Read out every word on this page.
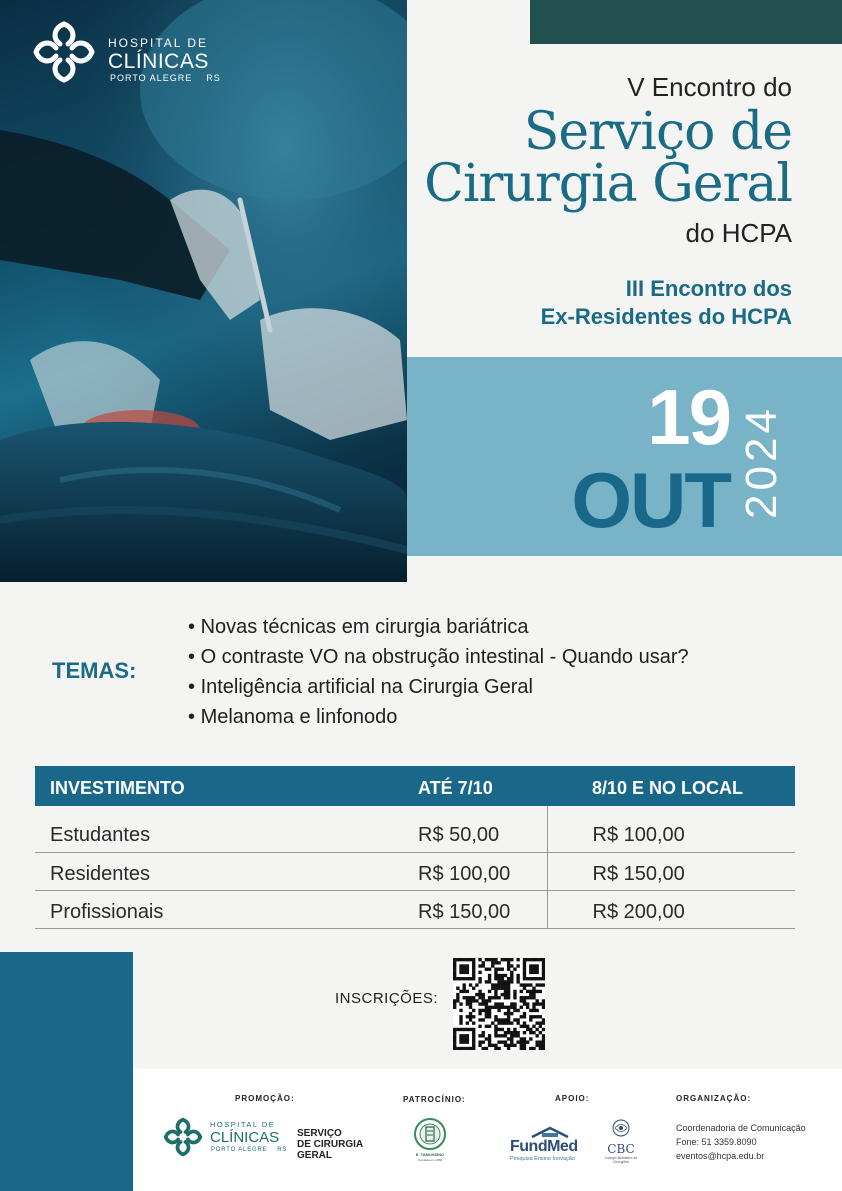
HOSPITAL DE
CLÍNICAS
PORTO ALEGRE    RS	V Encontro do
Serviço de
Cirurgia Geral
do HCPA
III Encontro dos
Ex-Residentes do HCPA
19
OUT 2024
TEMAS:
• Novas técnicas em cirurgia bariátrica
• O contraste VO na obstrução intestinal - Quando usar?
• Inteligência artificial na Cirurgia Geral
• Melanoma e linfonodo
INVESTIMENTO	ATÉ 7/10	8/10 E NO LOCAL
Estudantes	R$ 50,00	R$ 100,00
Residentes	R$ 100,00	R$ 150,00
Profissionais	R$ 150,00	R$ 200,00
INSCRIÇÕES:
PROMOÇÃO:	PATROCÍNIO:	APOIO:	ORGANIZAÇÃO:
HOSPITAL DE
CLÍNICAS
PORTO ALEGRE    RS
SERVIÇO
DE CIRURGIA
GERAL	E. TAMUSSINO
Fundada em 1886
FundMed
Pesquisa Ensino Inovação
CBC
Colégio Brasileiro de Cirurgiões
Coordenadoria de Comunicação
Fone: 51 3359.8090
eventos@hcpa.edu.br
